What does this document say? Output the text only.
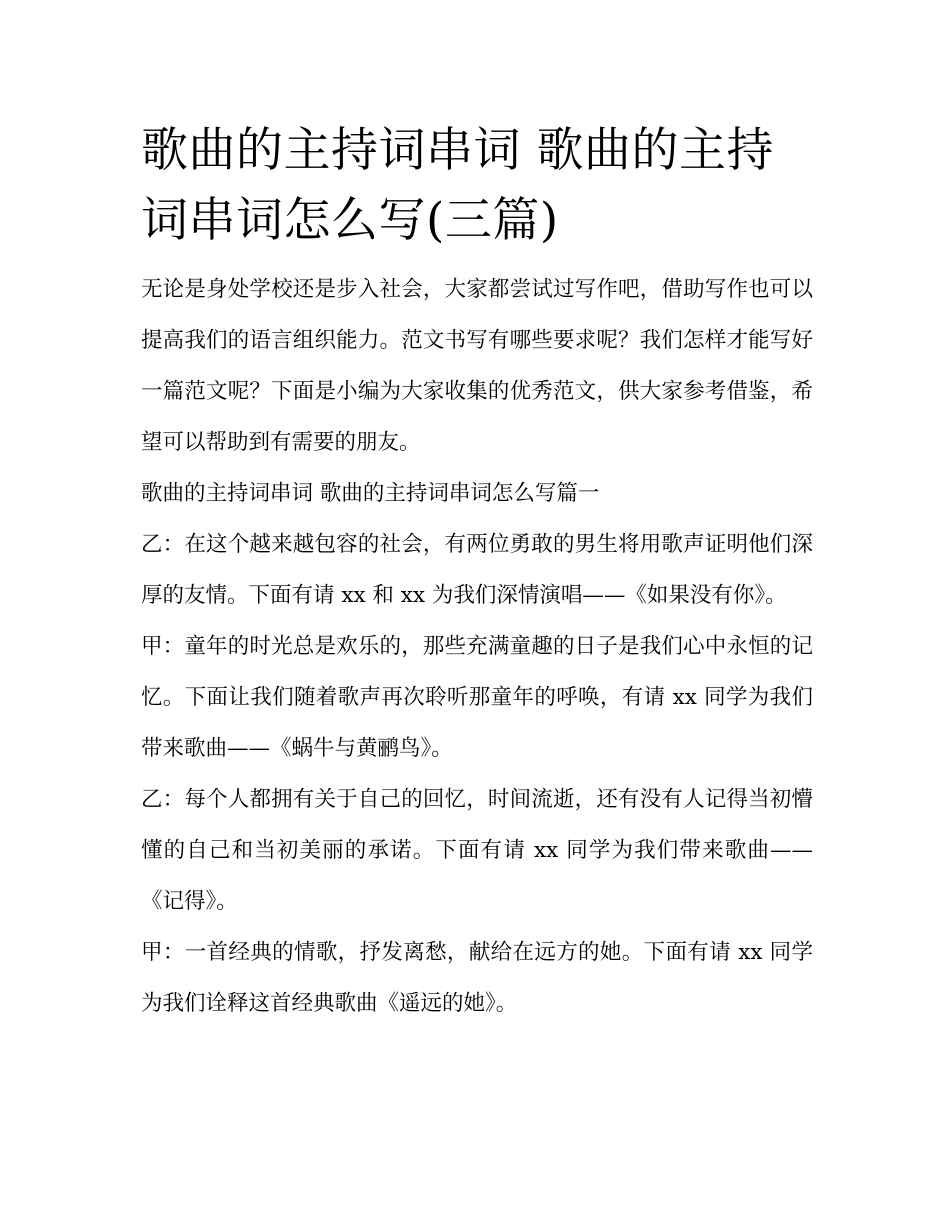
歌曲的主持词串词 歌曲的主持词串词怎么写(三篇)

无论是身处学校还是步入社会，大家都尝试过写作吧，借助写作也可以提高我们的语言组织能力。范文书写有哪些要求呢？我们怎样才能写好一篇范文呢？下面是小编为大家收集的优秀范文，供大家参考借鉴，希望可以帮助到有需要的朋友。

歌曲的主持词串词 歌曲的主持词串词怎么写篇一

乙：在这个越来越包容的社会，有两位勇敢的男生将用歌声证明他们深厚的友情。下面有请 xx 和 xx 为我们深情演唱——《如果没有你》。

甲：童年的时光总是欢乐的，那些充满童趣的日子是我们心中永恒的记忆。下面让我们随着歌声再次聆听那童年的呼唤，有请 xx 同学为我们带来歌曲——《蜗牛与黄鹂鸟》。

乙：每个人都拥有关于自己的回忆，时间流逝，还有没有人记得当初懵懂的自己和当初美丽的承诺。下面有请 xx 同学为我们带来歌曲——《记得》。

甲：一首经典的情歌，抒发离愁，献给在远方的她。下面有请 xx 同学为我们诠释这首经典歌曲《遥远的她》。
